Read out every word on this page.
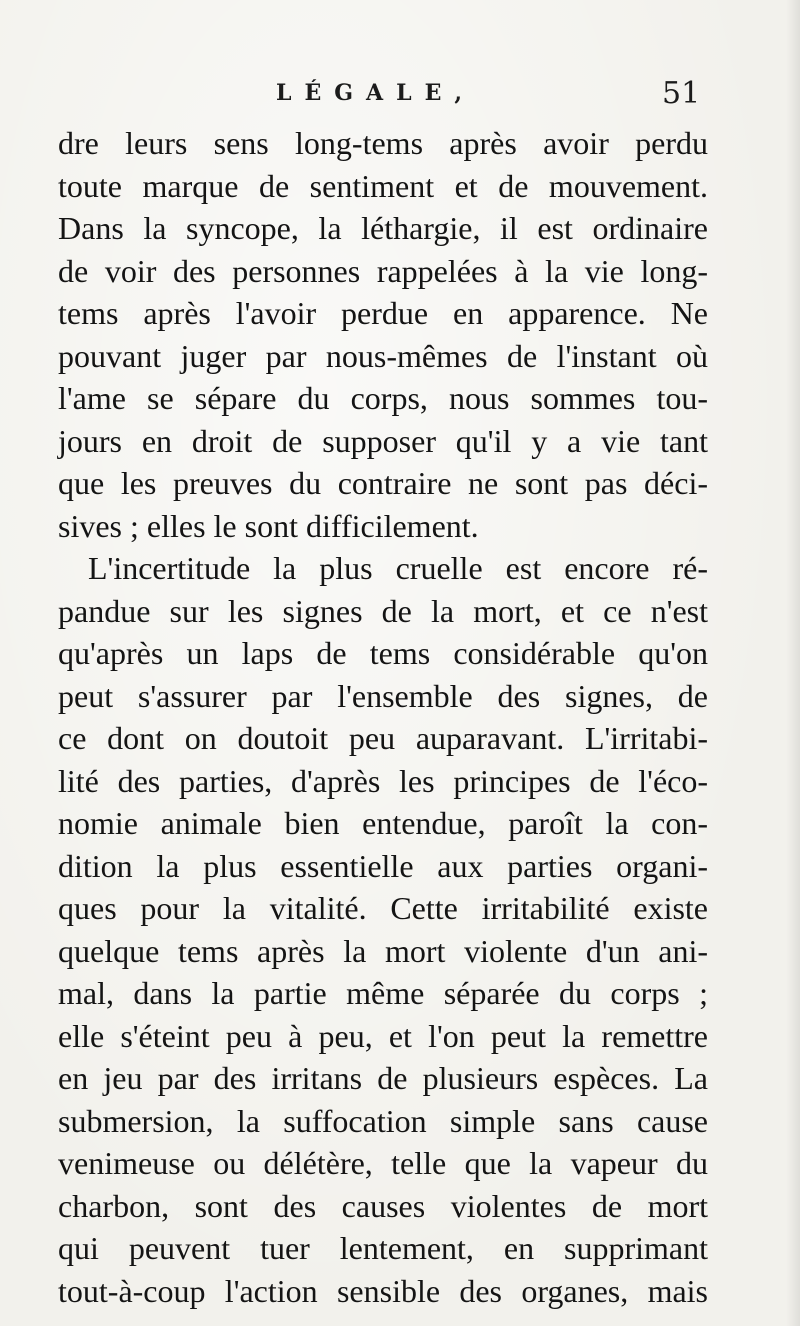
LÉGALE,	51
dre leurs sens long-tems après avoir perdu
toute marque de sentiment et de mouvement.
Dans la syncope, la léthargie, il est ordinaire
de voir des personnes rappelées à la vie long-
tems après l'avoir perdue en apparence. Ne
pouvant juger par nous-mêmes de l'instant où
l'ame se sépare du corps, nous sommes tou-
jours en droit de supposer qu'il y a vie tant
que les preuves du contraire ne sont pas déci-
sives ; elles le sont difficilement.
L'incertitude la plus cruelle est encore ré-
pandue sur les signes de la mort, et ce n'est
qu'après un laps de tems considérable qu'on
peut s'assurer par l'ensemble des signes, de
ce dont on doutoit peu auparavant. L'irritabi-
lité des parties, d'après les principes de l'éco-
nomie animale bien entendue, paroît la con-
dition la plus essentielle aux parties organi-
ques pour la vitalité. Cette irritabilité existe
quelque tems après la mort violente d'un ani-
mal, dans la partie même séparée du corps ;
elle s'éteint peu à peu, et l'on peut la remettre
en jeu par des irritans de plusieurs espèces. La
submersion, la suffocation simple sans cause
venimeuse ou délétère, telle que la vapeur du
charbon, sont des causes violentes de mort
qui peuvent tuer lentement, en supprimant
tout-à-coup l'action sensible des organes, mais
